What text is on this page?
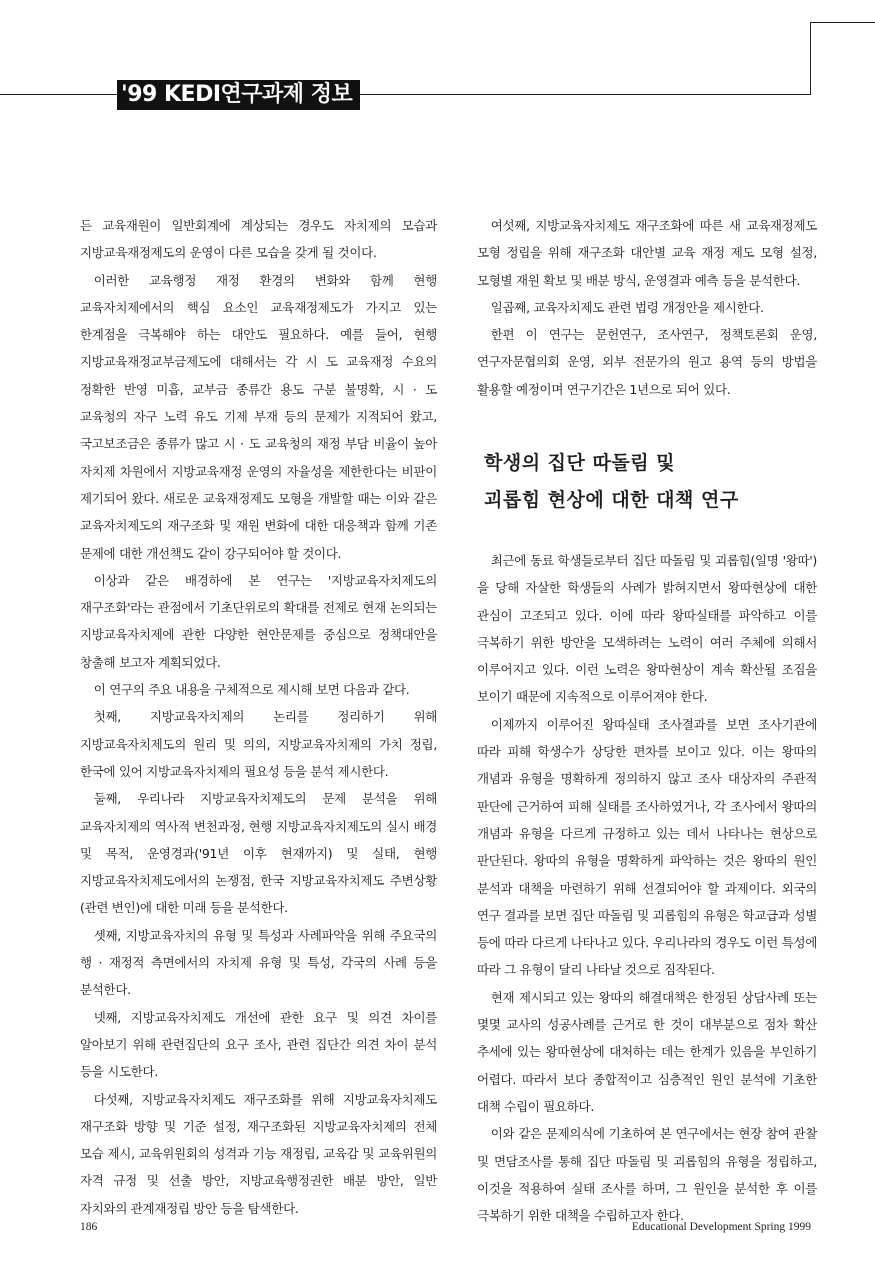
'99 KEDI연구과제 정보

든 교육재원이 일반회계에 계상되는 경우도 자치제의 모습과 지방교육재정제도의 운영이 다른 모습을 갖게 될 것이다.

이러한 교육행정 재정 환경의 변화와 함께 현행 교육자치제에서의 핵심 요소인 교육재정제도가 가지고 있는 한계점을 극복해야 하는 대안도 필요하다. 예를 들어, 현행 지방교육재정교부금제도에 대해서는 각 시 도 교육재정 수요의 정확한 반영 미흡, 교부금 종류간 용도 구분 불명확, 시 · 도 교육청의 자구 노력 유도 기제 부재 등의 문제가 지적되어 왔고, 국고보조금은 종류가 많고 시 · 도 교육청의 재정 부담 비율이 높아 자치제 차원에서 지방교육재정 운영의 자율성을 제한한다는 비판이 제기되어 왔다. 새로운 교육재정제도 모형을 개발할 때는 이와 같은 교육자치제도의 재구조화 및 재원 변화에 대한 대응책과 함께 기존 문제에 대한 개선책도 같이 강구되어야 할 것이다.

이상과 같은 배경하에 본 연구는 '지방교육자치제도의 재구조화'라는 관점에서 기초단위로의 확대를 전제로 현재 논의되는 지방교육자치제에 관한 다양한 현안문제를 중심으로 정책대안을 창출해 보고자 계획되었다.

이 연구의 주요 내용을 구체적으로 제시해 보면 다음과 같다.

첫째, 지방교육자치제의 논리를 정리하기 위해 지방교육자치제도의 원리 및 의의, 지방교육자치제의 가치 정립, 한국에 있어 지방교육자치제의 필요성 등을 분석 제시한다.

둘째, 우리나라 지방교육자치제도의 문제 분석을 위해 교육자치제의 역사적 변천과정, 현행 지방교육자치제도의 실시 배경 및 목적, 운영경과('91년 이후 현재까지) 및 실태, 현행 지방교육자치제도에서의 논쟁점, 한국 지방교육자치제도 주변상황(관련 변인)에 대한 미래 등을 분석한다.

셋째, 지방교육자치의 유형 및 특성과 사례파악을 위해 주요국의 행 · 재정적 측면에서의 자치제 유형 및 특성, 각국의 사례 등을 분석한다.

넷째, 지방교육자치제도 개선에 관한 요구 및 의견 차이를 알아보기 위해 관련집단의 요구 조사, 관련 집단간 의견 차이 분석 등을 시도한다.

다섯째, 지방교육자치제도 재구조화를 위해 지방교육자치제도 재구조화 방향 및 기준 설정, 재구조화된 지방교육자치제의 전체 모습 제시, 교육위원회의 성격과 기능 재정립, 교육감 및 교육위원의 자격 규정 및 선출 방안, 지방교육행정권한 배분 방안, 일반 자치와의 관계재정립 방안 등을 탐색한다.

여섯째, 지방교육자치제도 재구조화에 따른 새 교육재정제도 모형 정립을 위해 재구조화 대안별 교육 재정 제도 모형 설정, 모형별 재원 확보 및 배분 방식, 운영결과 예측 등을 분석한다.

일곱째, 교육자치제도 관련 법령 개정안을 제시한다.

한편 이 연구는 문헌연구, 조사연구, 정책토론회 운영, 연구자문협의회 운영, 외부 전문가의 원고 용역 등의 방법을 활용할 예정이며 연구기간은 1년으로 되어 있다.

학생의 집단 따돌림 및
괴롭힘 현상에 대한 대책 연구

최근에 동료 학생들로부터 집단 따돌림 및 괴롭힘(일명 '왕따')을 당해 자살한 학생들의 사례가 밝혀지면서 왕따현상에 대한 관심이 고조되고 있다. 이에 따라 왕따실태를 파악하고 이를 극복하기 위한 방안을 모색하려는 노력이 여러 주체에 의해서 이루어지고 있다. 이런 노력은 왕따현상이 계속 확산될 조짐을 보이기 때문에 지속적으로 이루어져야 한다.

이제까지 이루어진 왕따실태 조사결과를 보면 조사기관에 따라 피해 학생수가 상당한 편차를 보이고 있다. 이는 왕따의 개념과 유형을 명확하게 정의하지 않고 조사 대상자의 주관적 판단에 근거하여 피해 실태를 조사하였거나, 각 조사에서 왕따의 개념과 유형을 다르게 규정하고 있는 데서 나타나는 현상으로 판단된다. 왕따의 유형을 명확하게 파악하는 것은 왕따의 원인 분석과 대책을 마련하기 위해 선결되어야 할 과제이다. 외국의 연구 결과를 보면 집단 따돌림 및 괴롭힘의 유형은 학교급과 성별 등에 따라 다르게 나타나고 있다. 우리나라의 경우도 이런 특성에 따라 그 유형이 달리 나타날 것으로 짐작된다.

현재 제시되고 있는 왕따의 해결대책은 한정된 상담사례 또는 몇몇 교사의 성공사례를 근거로 한 것이 대부분으로 점차 확산 추세에 있는 왕따현상에 대처하는 데는 한계가 있음을 부인하기 어렵다. 따라서 보다 종합적이고 심층적인 원인 분석에 기초한 대책 수립이 필요하다.

이와 같은 문제의식에 기초하여 본 연구에서는 현장 참여 관찰 및 면담조사를 통해 집단 따돌림 및 괴롭힘의 유형을 정립하고, 이것을 적용하여 실태 조사를 하며, 그 원인을 분석한 후 이를 극복하기 위한 대책을 수립하고자 한다.

186	Educational Development Spring 1999
